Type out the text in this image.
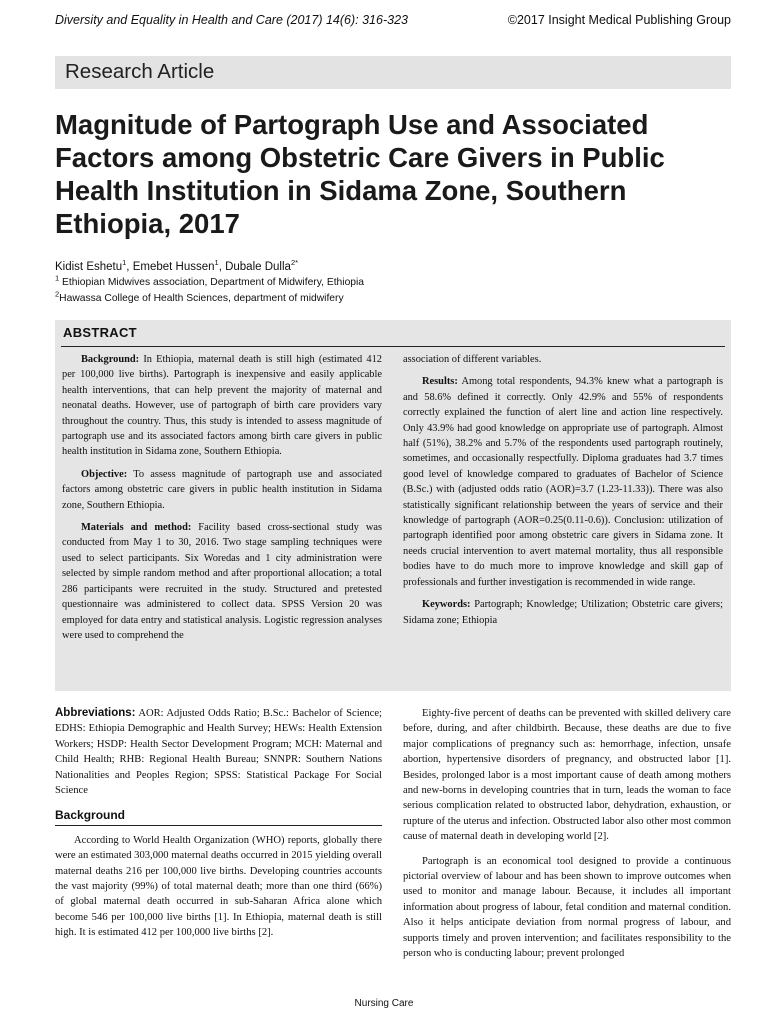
Diversity and Equality in Health and Care (2017) 14(6): 316-323	©2017 Insight Medical Publishing Group
Research Article
Magnitude of Partograph Use and Associated Factors among Obstetric Care Givers in Public Health Institution in Sidama Zone, Southern Ethiopia, 2017
Kidist Eshetu$^1$, Emebet Hussen$^1$, Dubale Dulla$^{2*}$
$^1$ Ethiopian Midwives association, Department of Midwifery, Ethiopia
$^2$Hawassa College of Health Sciences, department of midwifery
ABSTRACT

Background: In Ethiopia, maternal death is still high (estimated 412 per 100,000 live births). Partograph is inexpensive and easily applicable health interventions, that can help prevent the majority of maternal and neonatal deaths. However, use of partograph of birth care providers vary throughout the country. Thus, this study is intended to assess magnitude of partograph use and its associated factors among birth care givers in public health institution in Sidama zone, Southern Ethiopia.

Objective: To assess magnitude of partograph use and associated factors among obstetric care givers in public health institution in Sidama zone, Southern Ethiopia.

Materials and method: Facility based cross-sectional study was conducted from May 1 to 30, 2016. Two stage sampling techniques were used to select participants. Six Woredas and 1 city administration were selected by simple random method and after proportional allocation; a total 286 participants were recruited in the study. Structured and pretested questionnaire was administered to collect data. SPSS Version 20 was employed for data entry and statistical analysis. Logistic regression analyses were used to comprehend the

association of different variables.

Results: Among total respondents, 94.3% knew what a partograph is and 58.6% defined it correctly. Only 42.9% and 55% of respondents correctly explained the function of alert line and action line respectively. Only 43.9% had good knowledge on appropriate use of partograph. Almost half (51%), 38.2% and 5.7% of the respondents used partograph routinely, sometimes, and occasionally respectfully. Diploma graduates had 3.7 times good level of knowledge compared to graduates of Bachelor of Science (B.Sc.) with (adjusted odds ratio (AOR)=3.7 (1.23-11.33)). There was also statistically significant relationship between the years of service and their knowledge of partograph (AOR=0.25(0.11-0.6)). Conclusion: utilization of partograph identified poor among obstetric care givers in Sidama zone. It needs crucial intervention to avert maternal mortality, thus all responsible bodies have to do much more to improve knowledge and skill gap of professionals and further investigation is recommended in wide range.

Keywords: Partograph; Knowledge; Utilization; Obstetric care givers; Sidama zone; Ethiopia

Abbreviations: AOR: Adjusted Odds Ratio; B.Sc.: Bachelor of Science; EDHS: Ethiopia Demographic and Health Survey; HEWs: Health Extension Workers; HSDP: Health Sector Development Program; MCH: Maternal and Child Health; RHB: Regional Health Bureau; SNNPR: Southern Nations Nationalities and Peoples Region; SPSS: Statistical Package For Social Science

Background

According to World Health Organization (WHO) reports, globally there were an estimated 303,000 maternal deaths occurred in 2015 yielding overall maternal deaths 216 per 100,000 live births. Developing countries accounts the vast majority (99%) of total maternal death; more than one third (66%) of global maternal death occurred in sub-Saharan Africa alone which become 546 per 100,000 live births [1]. In Ethiopia, maternal death is still high. It is estimated 412 per 100,000 live births [2].

Eighty-five percent of deaths can be prevented with skilled delivery care before, during, and after childbirth. Because, these deaths are due to five major complications of pregnancy such as: hemorrhage, infection, unsafe abortion, hypertensive disorders of pregnancy, and obstructed labor [1]. Besides, prolonged labor is a most important cause of death among mothers and new-borns in developing countries that in turn, leads the woman to face serious complication related to obstructed labor, dehydration, exhaustion, or rupture of the uterus and infection. Obstructed labor also other most common cause of maternal death in developing world [2].

Partograph is an economical tool designed to provide a continuous pictorial overview of labour and has been shown to improve outcomes when used to monitor and manage labour. Because, it includes all important information about progress of labour, fetal condition and maternal condition. Also it helps anticipate deviation from normal progress of labour, and supports timely and proven intervention; and facilitates responsibility to the person who is conducting labour; prevent prolonged

Nursing Care
